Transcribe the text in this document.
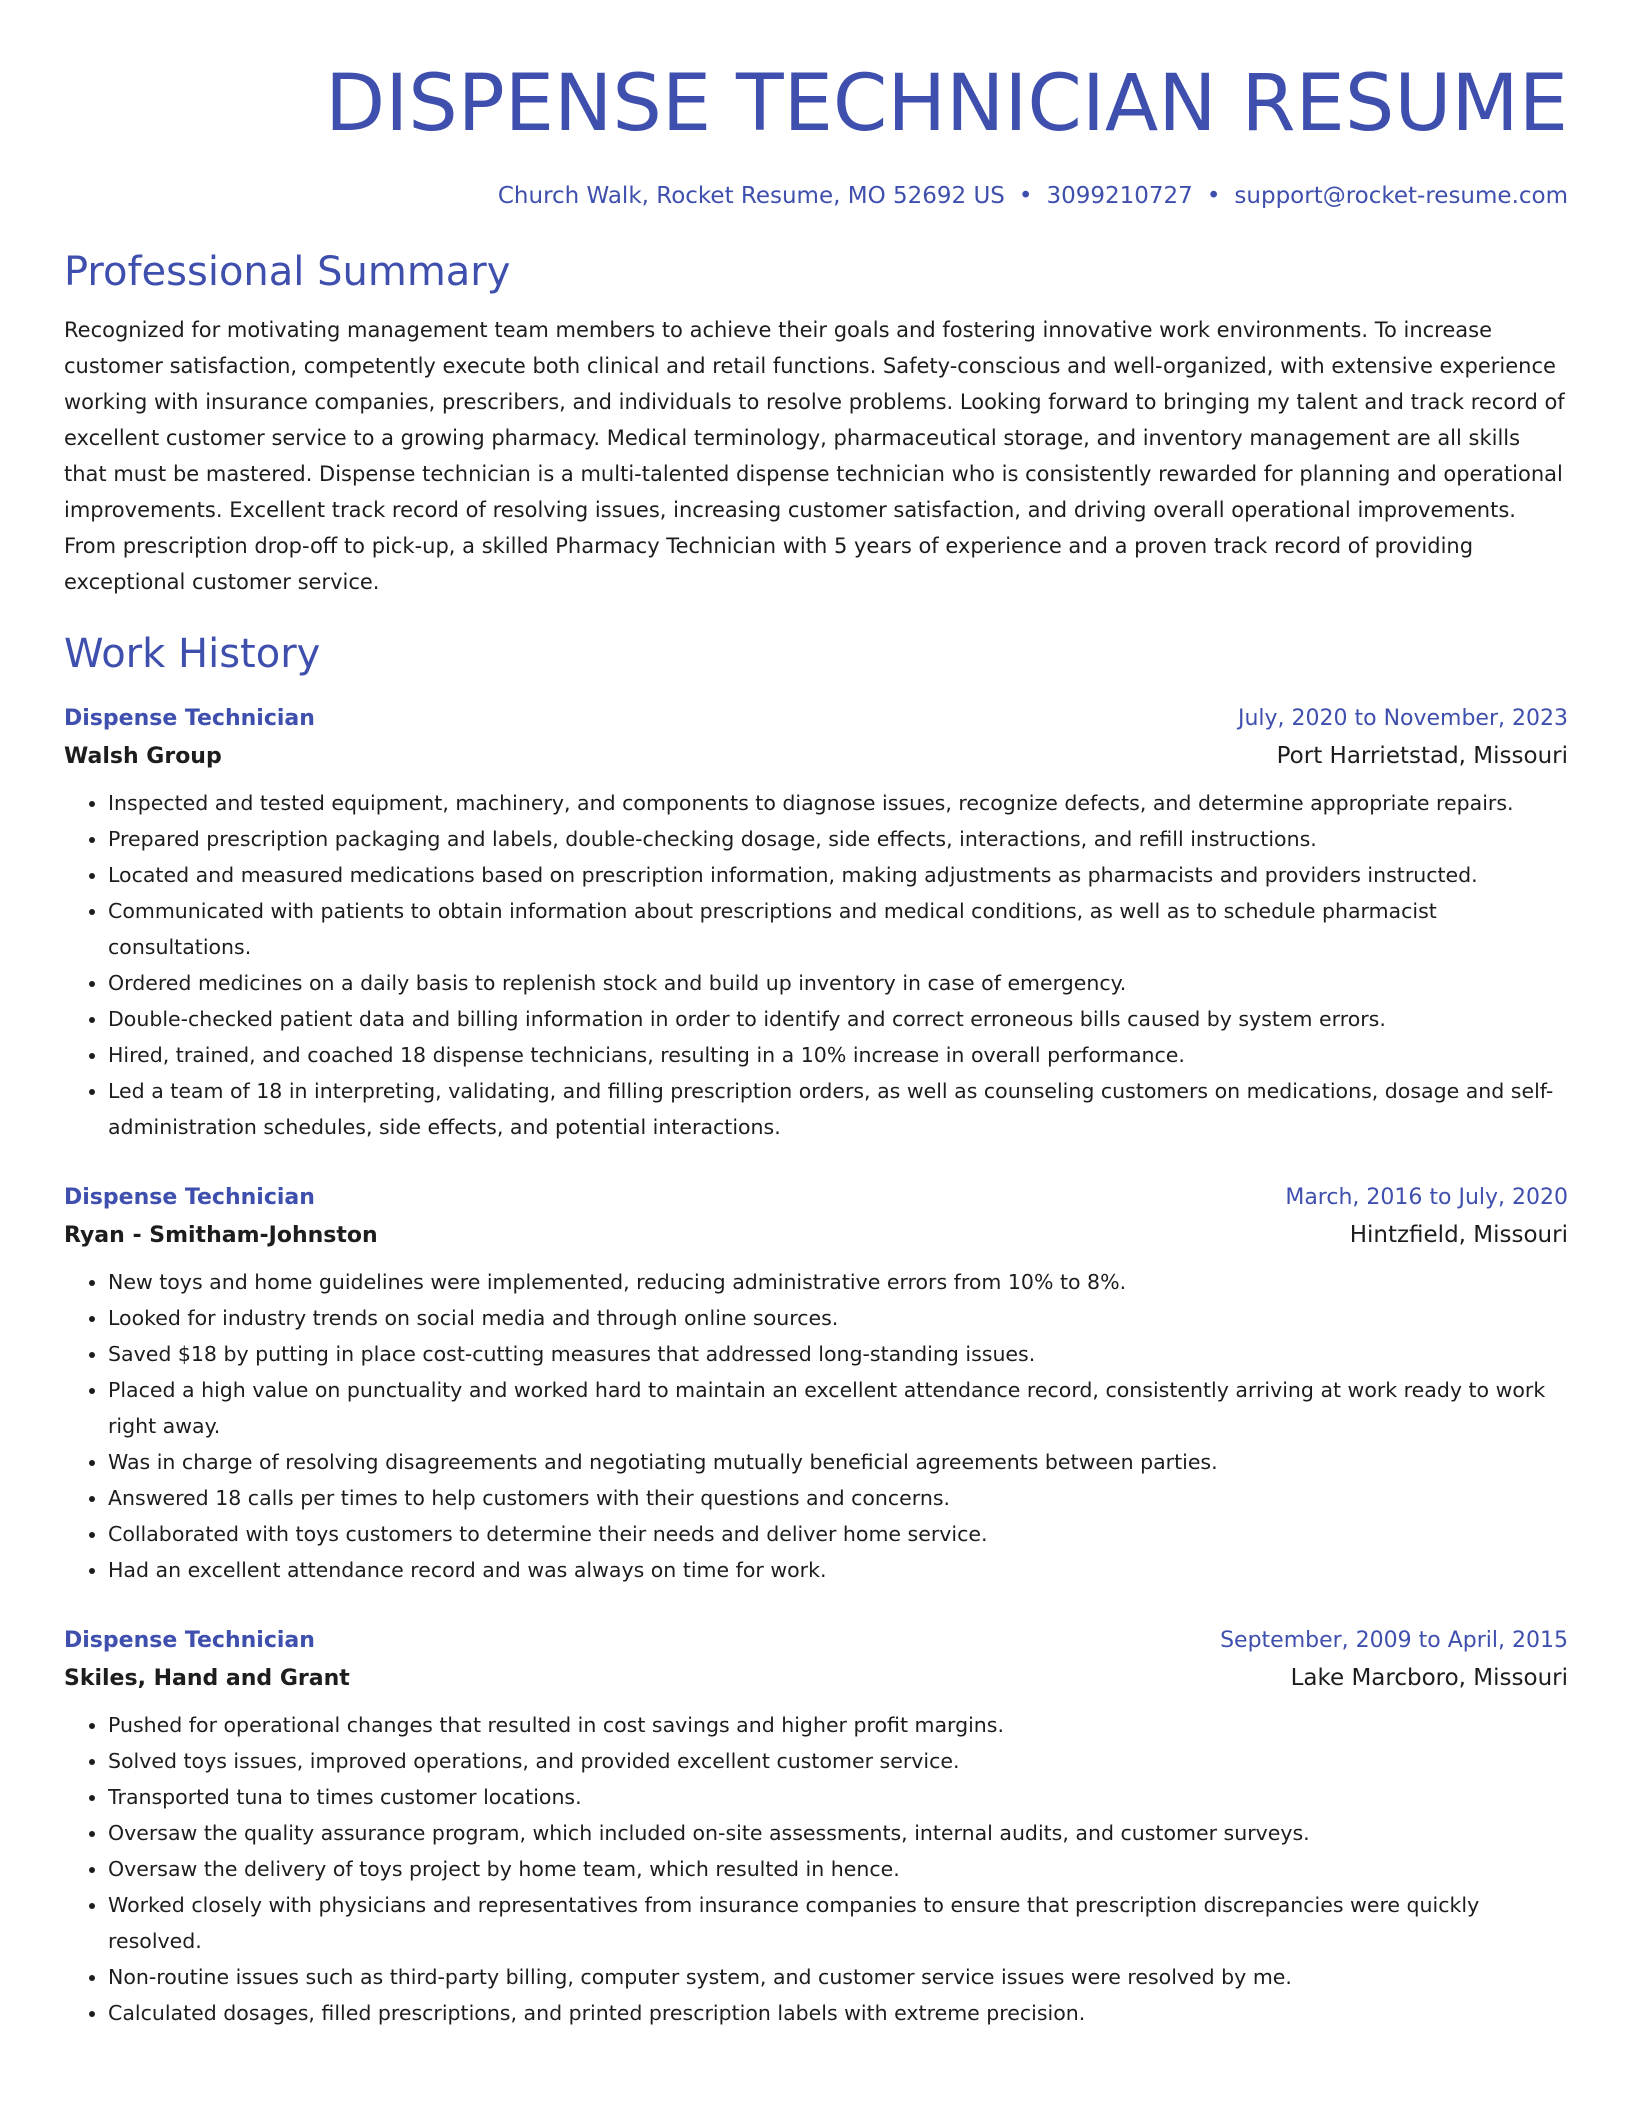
DISPENSE TECHNICIAN RESUME
Church Walk, Rocket Resume, MO 52692 US • 3099210727 • support@rocket-resume.com
Professional Summary

Recognized for motivating management team members to achieve their goals and fostering innovative work environments. To increase customer satisfaction, competently execute both clinical and retail functions. Safety-conscious and well-organized, with extensive experience working with insurance companies, prescribers, and individuals to resolve problems. Looking forward to bringing my talent and track record of excellent customer service to a growing pharmacy. Medical terminology, pharmaceutical storage, and inventory management are all skills that must be mastered. Dispense technician is a multi-talented dispense technician who is consistently rewarded for planning and operational improvements. Excellent track record of resolving issues, increasing customer satisfaction, and driving overall operational improvements. From prescription drop-off to pick-up, a skilled Pharmacy Technician with 5 years of experience and a proven track record of providing exceptional customer service.

Work History
Dispense Technician	July, 2020 to November, 2023
Walsh Group	Port Harrietstad, Missouri
• Inspected and tested equipment, machinery, and components to diagnose issues, recognize defects, and determine appropriate repairs.
• Prepared prescription packaging and labels, double-checking dosage, side effects, interactions, and refill instructions.
• Located and measured medications based on prescription information, making adjustments as pharmacists and providers instructed.
• Communicated with patients to obtain information about prescriptions and medical conditions, as well as to schedule pharmacist consultations.
• Ordered medicines on a daily basis to replenish stock and build up inventory in case of emergency.
• Double-checked patient data and billing information in order to identify and correct erroneous bills caused by system errors.
• Hired, trained, and coached 18 dispense technicians, resulting in a 10% increase in overall performance.
• Led a team of 18 in interpreting, validating, and filling prescription orders, as well as counseling customers on medications, dosage and self-administration schedules, side effects, and potential interactions.
Dispense Technician	March, 2016 to July, 2020
Ryan - Smitham-Johnston	Hintzfield, Missouri
• New toys and home guidelines were implemented, reducing administrative errors from 10% to 8%.
• Looked for industry trends on social media and through online sources.
• Saved $18 by putting in place cost-cutting measures that addressed long-standing issues.
• Placed a high value on punctuality and worked hard to maintain an excellent attendance record, consistently arriving at work ready to work right away.
• Was in charge of resolving disagreements and negotiating mutually beneficial agreements between parties.
• Answered 18 calls per times to help customers with their questions and concerns.
• Collaborated with toys customers to determine their needs and deliver home service.
• Had an excellent attendance record and was always on time for work.
Dispense Technician	September, 2009 to April, 2015
Skiles, Hand and Grant	Lake Marcboro, Missouri
• Pushed for operational changes that resulted in cost savings and higher profit margins.
• Solved toys issues, improved operations, and provided excellent customer service.
• Transported tuna to times customer locations.
• Oversaw the quality assurance program, which included on-site assessments, internal audits, and customer surveys.
• Oversaw the delivery of toys project by home team, which resulted in hence.
• Worked closely with physicians and representatives from insurance companies to ensure that prescription discrepancies were quickly resolved.
• Non-routine issues such as third-party billing, computer system, and customer service issues were resolved by me.
• Calculated dosages, filled prescriptions, and printed prescription labels with extreme precision.
